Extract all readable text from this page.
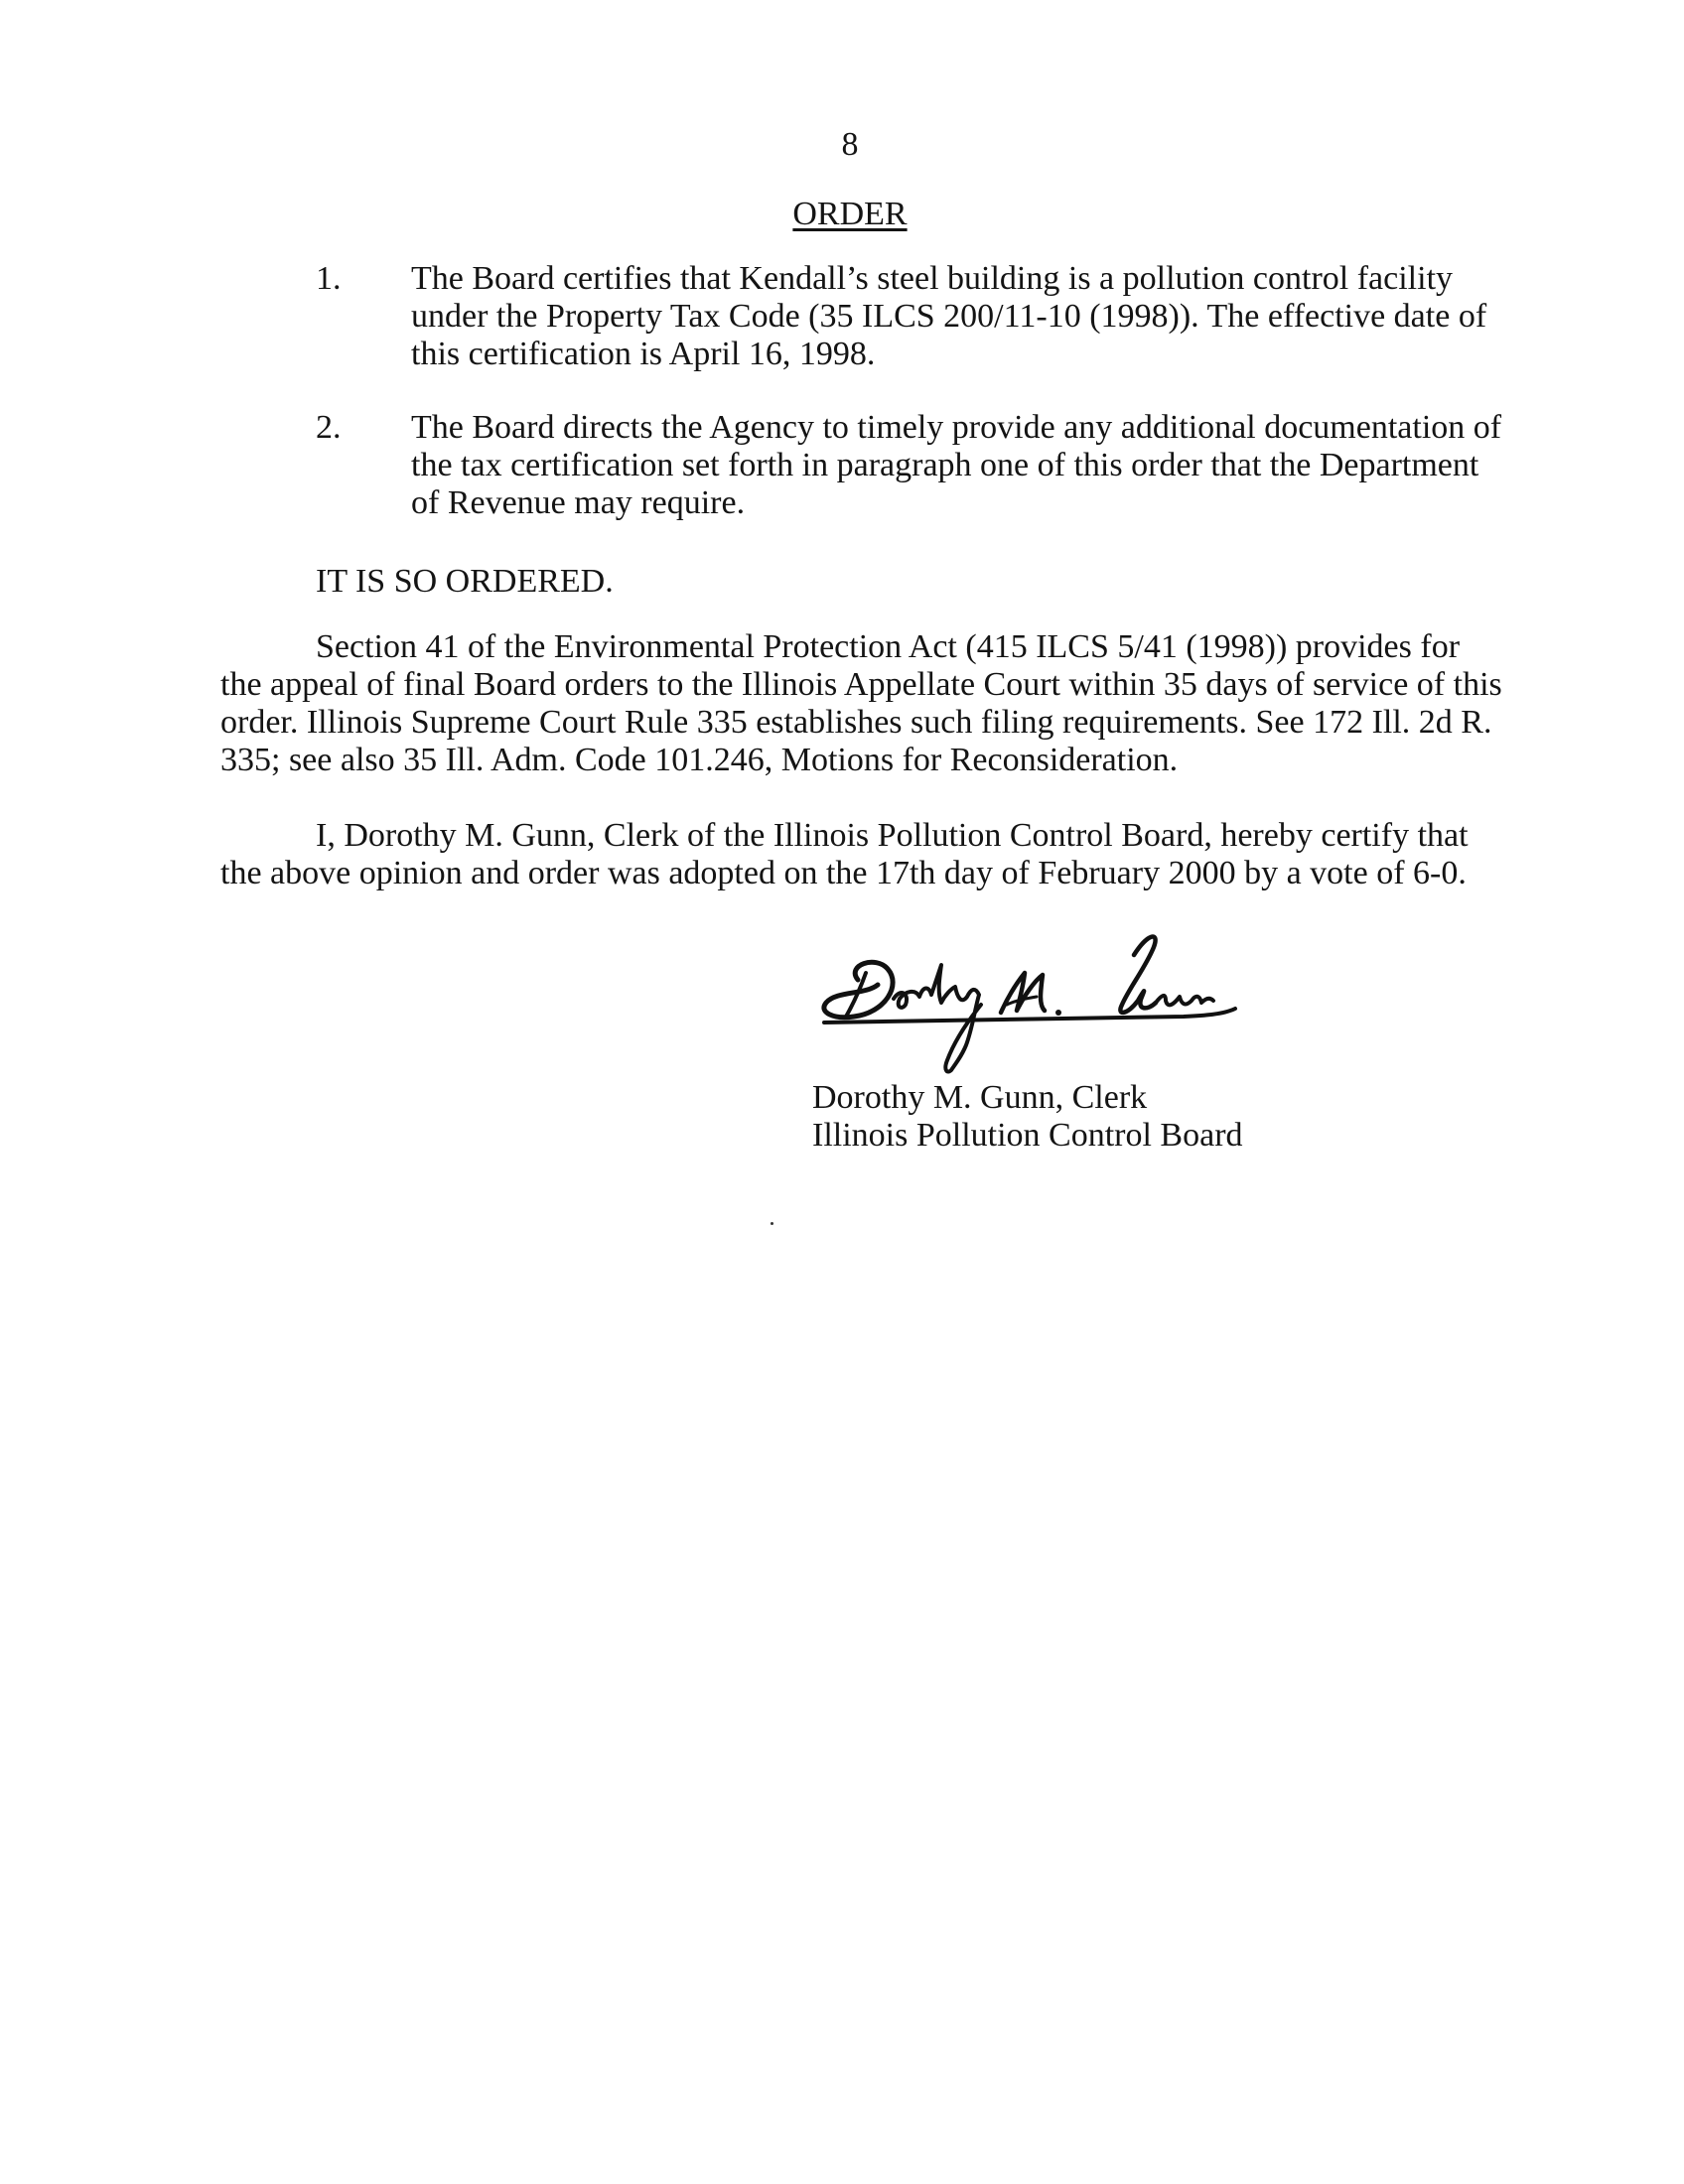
8
ORDER
1. The Board certifies that Kendall’s steel building is a pollution control facility under the Property Tax Code (35 ILCS 200/11-10 (1998)). The effective date of this certification is April 16, 1998.
2. The Board directs the Agency to timely provide any additional documentation of the tax certification set forth in paragraph one of this order that the Department of Revenue may require.
IT IS SO ORDERED.
Section 41 of the Environmental Protection Act (415 ILCS 5/41 (1998)) provides for the appeal of final Board orders to the Illinois Appellate Court within 35 days of service of this order. Illinois Supreme Court Rule 335 establishes such filing requirements. See 172 Ill. 2d R. 335; see also 35 Ill. Adm. Code 101.246, Motions for Reconsideration.
I, Dorothy M. Gunn, Clerk of the Illinois Pollution Control Board, hereby certify that the above opinion and order was adopted on the 17th day of February 2000 by a vote of 6-0.
Dorothy M. Gunn, Clerk
Illinois Pollution Control Board
